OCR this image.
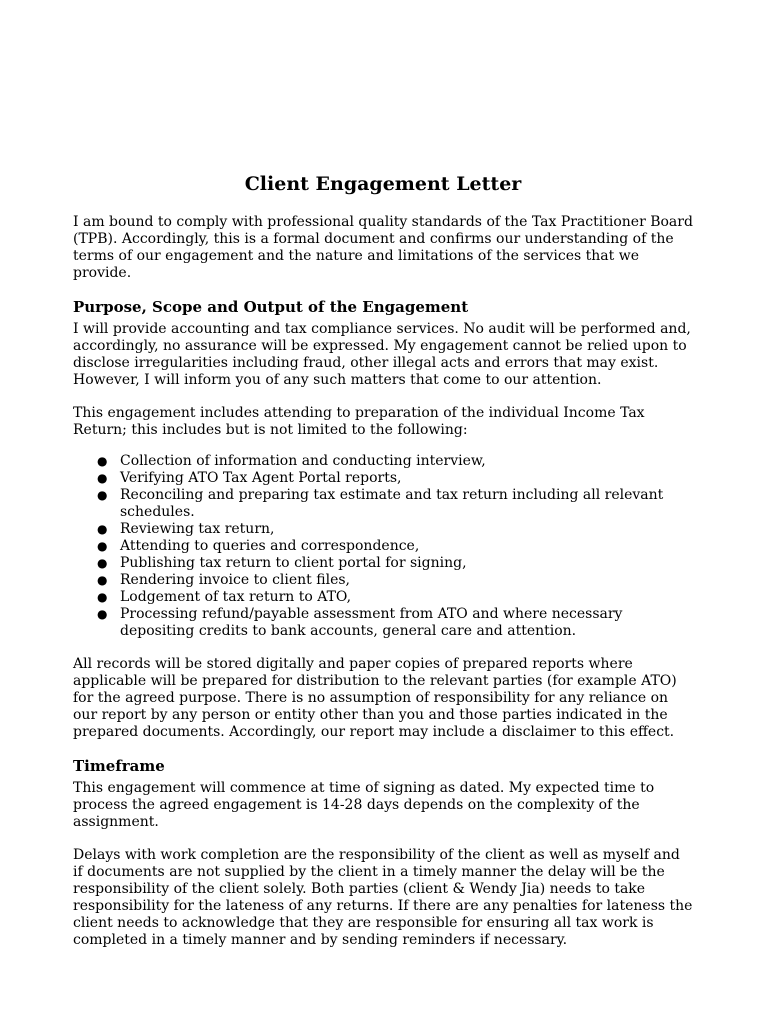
Client Engagement Letter

I am bound to comply with professional quality standards of the Tax Practitioner Board (TPB). Accordingly, this is a formal document and confirms our understanding of the terms of our engagement and the nature and limitations of the services that we provide.

Purpose, Scope and Output of the Engagement

I will provide accounting and tax compliance services. No audit will be performed and, accordingly, no assurance will be expressed. My engagement cannot be relied upon to disclose irregularities including fraud, other illegal acts and errors that may exist. However, I will inform you of any such matters that come to our attention.

This engagement includes attending to preparation of the individual Income Tax Return; this includes but is not limited to the following:

● Collection of information and conducting interview,
● Verifying ATO Tax Agent Portal reports,
● Reconciling and preparing tax estimate and tax return including all relevant schedules.
● Reviewing tax return,
● Attending to queries and correspondence,
● Publishing tax return to client portal for signing,
● Rendering invoice to client files,
● Lodgement of tax return to ATO,
● Processing refund/payable assessment from ATO and where necessary depositing credits to bank accounts, general care and attention.

All records will be stored digitally and paper copies of prepared reports where applicable will be prepared for distribution to the relevant parties (for example ATO) for the agreed purpose. There is no assumption of responsibility for any reliance on our report by any person or entity other than you and those parties indicated in the prepared documents. Accordingly, our report may include a disclaimer to this effect.

Timeframe

This engagement will commence at time of signing as dated. My expected time to process the agreed engagement is 14-28 days depends on the complexity of the assignment.

Delays with work completion are the responsibility of the client as well as myself and if documents are not supplied by the client in a timely manner the delay will be the responsibility of the client solely. Both parties (client & Wendy Jia) needs to take responsibility for the lateness of any returns. If there are any penalties for lateness the client needs to acknowledge that they are responsible for ensuring all tax work is completed in a timely manner and by sending reminders if necessary.
